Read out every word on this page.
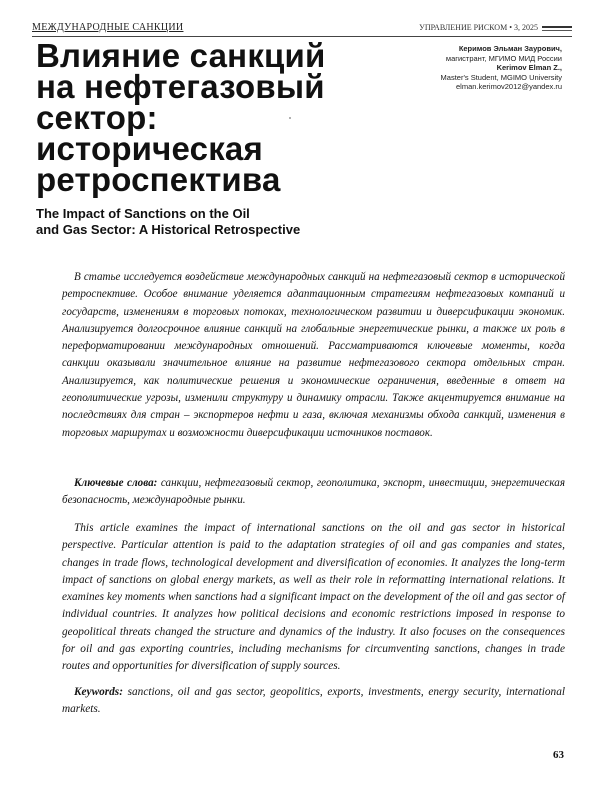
МЕЖДУНАРОДНЫЕ САНКЦИИ	УПРАВЛЕНИЕ РИСКОМ • 3, 2025
Влияние санкций
на нефтегазовый
сектор:
историческая
ретроспектива
Керимов Эльман Заурович,
магистрант, МГИМО МИД России
Kerimov Elman Z.,
Master's Student, MGIMO University
elman.kerimov2012@yandex.ru
The Impact of Sanctions on the Oil
and Gas Sector: A Historical Retrospective

В статье исследуется воздействие международных санкций на нефтегазовый сектор в исторической ретроспективе. Особое внимание уделяется адаптационным стратегиям нефтегазовых компаний и государств, изменениям в торговых потоках, технологическом развитии и диверсификации экономик. Анализируется долгосрочное влияние санкций на глобальные энергетические рынки, а также их роль в переформатировании международных отношений. Рассматриваются ключевые моменты, когда санкции оказывали значительное влияние на развитие нефтегазового сектора отдельных стран. Анализируется, как политические решения и экономические ограничения, введенные в ответ на геополитические угрозы, изменили структуру и динамику отрасли. Также акцентируется внимание на последствиях для стран – экспортеров нефти и газа, включая механизмы обхода санкций, изменения в торговых маршрутах и возможности диверсификации источников поставок.

Ключевые слова: санкции, нефтегазовый сектор, геополитика, экспорт, инвестиции, энергетическая безопасность, международные рынки.

This article examines the impact of international sanctions on the oil and gas sector in historical perspective. Particular attention is paid to the adaptation strategies of oil and gas companies and states, changes in trade flows, technological development and diversification of economies. It analyzes the long-term impact of sanctions on global energy markets, as well as their role in reformatting international relations. It examines key moments when sanctions had a significant impact on the development of the oil and gas sector of individual countries. It analyzes how political decisions and economic restrictions imposed in response to geopolitical threats changed the structure and dynamics of the industry. It also focuses on the consequences for oil and gas exporting countries, including mechanisms for circumventing sanctions, changes in trade routes and opportunities for diversification of supply sources.

Keywords: sanctions, oil and gas sector, geopolitics, exports, investments, energy security, international markets.

63
